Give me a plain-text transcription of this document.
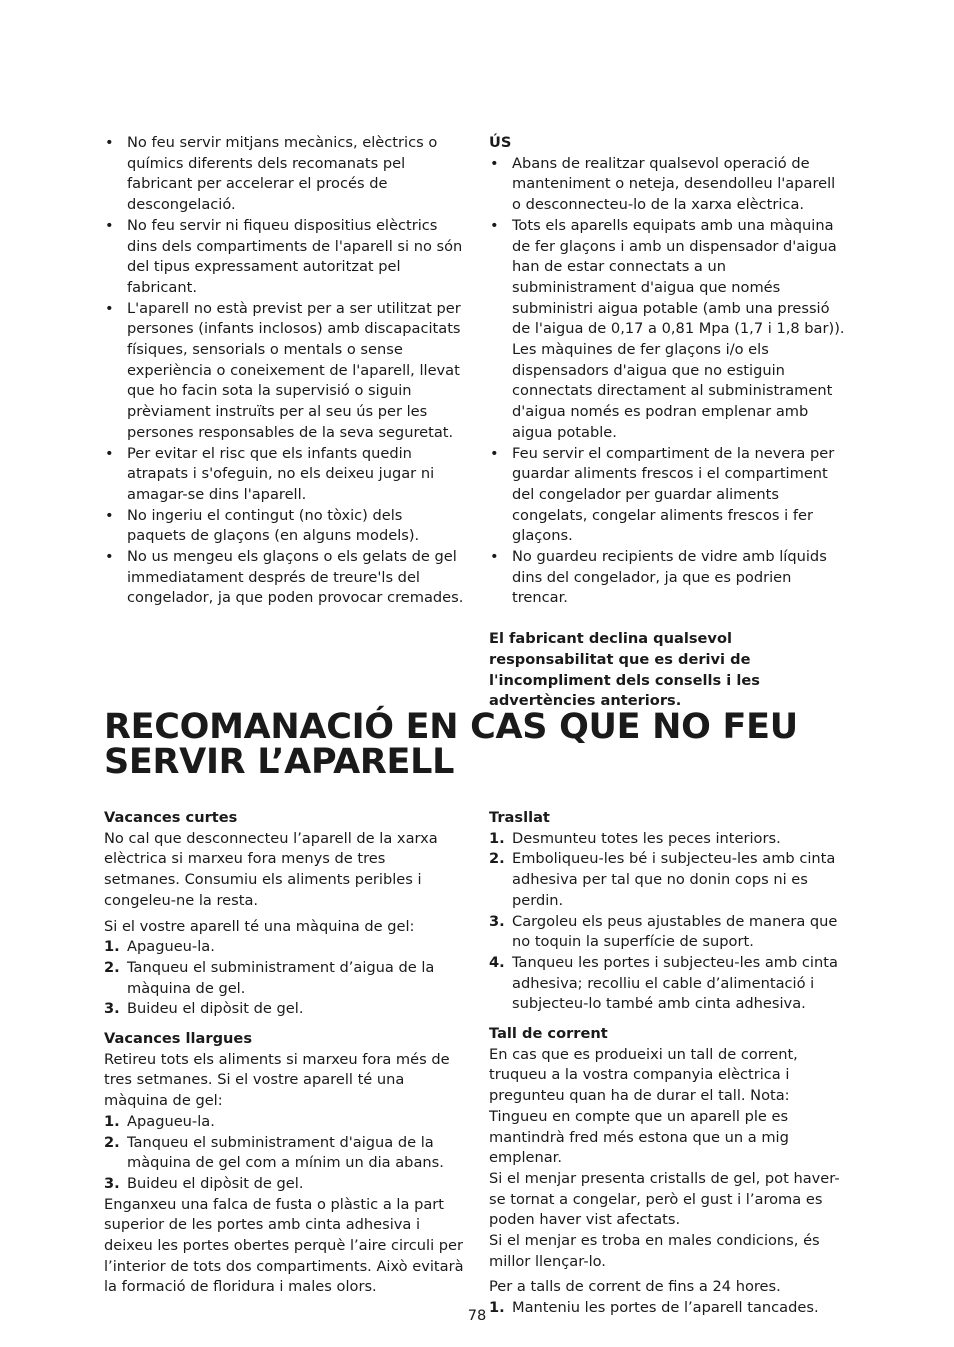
• No feu servir mitjans mecànics, elèctrics o químics diferents dels recomanats pel fabricant per accelerar el procés de descongelació.
• No feu servir ni fiqueu dispositius elèctrics dins dels compartiments de l'aparell si no són del tipus expressament autoritzat pel fabricant.
• L'aparell no està previst per a ser utilitzat per persones (infants inclosos) amb discapacitats físiques, sensorials o mentals o sense experiència o coneixement de l'aparell, llevat que ho facin sota la supervisió o siguin prèviament instruïts per al seu ús per les persones responsables de la seva seguretat.
• Per evitar el risc que els infants quedin atrapats i s'ofeguin, no els deixeu jugar ni amagar-se dins l'aparell.
• No ingeriu el contingut (no tòxic) dels paquets de glaçons (en alguns models).
• No us mengeu els glaçons o els gelats de gel immediatament després de treure'ls del congelador, ja que poden provocar cremades.

ÚS

• Abans de realitzar qualsevol operació de manteniment o neteja, desendolleu l'aparell o desconnecteu-lo de la xarxa elèctrica.
• Tots els aparells equipats amb una màquina de fer glaçons i amb un dispensador d'aigua han de estar connectats a un subministrament d'aigua que només subministri aigua potable (amb una pressió de l'aigua de 0,17 a 0,81 Mpa (1,7 i 1,8 bar)). Les màquines de fer glaçons i/o els dispensadors d'aigua que no estiguin connectats directament al subministrament d'aigua només es podran emplenar amb aigua potable.
• Feu servir el compartiment de la nevera per guardar aliments frescos i el compartiment del congelador per guardar aliments congelats, congelar aliments frescos i fer glaçons.
• No guardeu recipients de vidre amb líquids dins del congelador, ja que es podrien trencar.

El fabricant declina qualsevol responsabilitat que es derivi de l'incompliment dels consells i les advertències anteriors.

RECOMANACIÓ EN CAS QUE NO FEU SERVIR L’APARELL

Vacances curtes

No cal que desconnecteu l’aparell de la xarxa elèctrica si marxeu fora menys de tres setmanes. Consumiu els aliments peribles i congeleu-ne la resta.

Si el vostre aparell té una màquina de gel:

1. Apagueu-la.
2. Tanqueu el subministrament d’aigua de la màquina de gel.
3. Buideu el dipòsit de gel.

Vacances llargues

Retireu tots els aliments si marxeu fora més de tres setmanes. Si el vostre aparell té una màquina de gel:

1. Apagueu-la.
2. Tanqueu el subministrament d'aigua de la màquina de gel com a mínim un dia abans.
3. Buideu el dipòsit de gel.

Enganxeu una falca de fusta o plàstic a la part superior de les portes amb cinta adhesiva i deixeu les portes obertes perquè l’aire circuli per l’interior de tots dos compartiments. Això evitarà la formació de floridura i males olors.

Trasllat

1. Desmunteu totes les peces interiors.
2. Emboliqueu-les bé i subjecteu-les amb cinta adhesiva per tal que no donin cops ni es perdin.
3. Cargoleu els peus ajustables de manera que no toquin la superfície de suport.
4. Tanqueu les portes i subjecteu-les amb cinta adhesiva; recolliu el cable d’alimentació i subjecteu-lo també amb cinta adhesiva.

Tall de corrent

En cas que es produeixi un tall de corrent, truqueu a la vostra companyia elèctrica i pregunteu quan ha de durar el tall. Nota: Tingueu en compte que un aparell ple es mantindrà fred més estona que un a mig emplenar.

Si el menjar presenta cristalls de gel, pot haver-se tornat a congelar, però el gust i l’aroma es poden haver vist afectats.

Si el menjar es troba en males condicions, és millor llençar-lo.

Per a talls de corrent de fins a 24 hores.

1. Manteniu les portes de l’aparell tancades.
78
